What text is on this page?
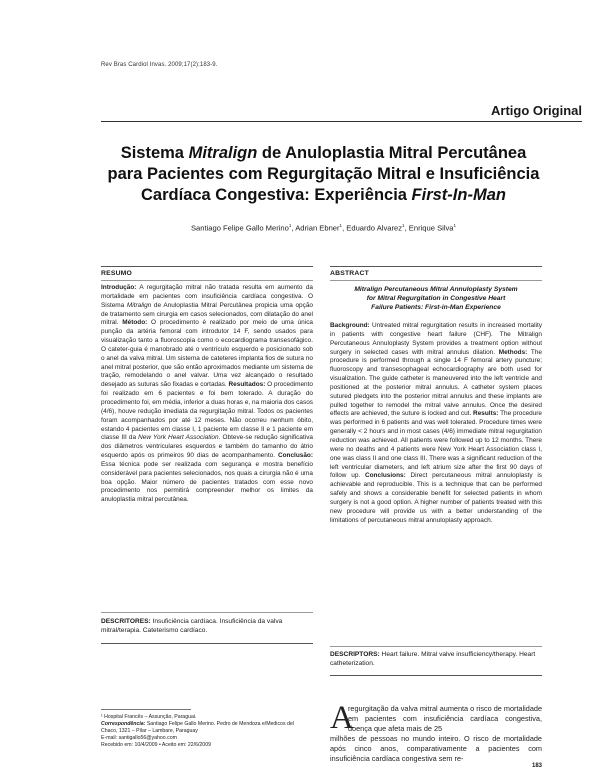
Rev Bras Cardiol Invas. 2009;17(2):183-9.
Artigo Original
Sistema Mitralign de Anuloplastia Mitral Percutânea para Pacientes com Regurgitação Mitral e Insuficiência Cardíaca Congestiva: Experiência First-In-Man
Santiago Felipe Gallo Merino$^1$, Adrian Ebner$^1$, Eduardo Alvarez$^1$, Enrique Silva$^1$
RESUMO
Introdução: A regurgitação mitral não tratada resulta em aumento da mortalidade em pacientes com insuficiência cardíaca congestiva. O Sistema Mitralign de Anuloplastia Mitral Percutânea propicia uma opção de tratamento sem cirurgia em casos selecionados, com dilatação do anel mitral. Método: O procedimento é realizado por meio de uma única punção da artéria femoral com introdutor 14 F, sendo usados para visualização tanto a fluoroscopia como o ecocardiograma transesofágico. O cateter-guia é manobrado até o ventrículo esquerdo e posicionado sob o anel da valva mitral. Um sistema de cateteres implanta fios de sutura no anel mitral posterior, que são então aproximados mediante um sistema de tração, remodelando o anel valvar. Uma vez alcançado o resultado desejado as suturas são fixadas e cortadas. Resultados: O procedimento foi realizado em 6 pacientes e foi bem tolerado. A duração do procedimento foi, em média, inferior a duas horas e, na maioria dos casos (4/6), houve redução imediata da regurgitação mitral. Todos os pacientes foram acompanhados por até 12 meses. Não ocorreu nenhum óbito, estando 4 pacientes em classe I, 1 paciente em classe II e 1 paciente em classe III da New York Heart Association. Obteve-se redução significativa dos diâmetros ventriculares esquerdos e também do tamanho do átrio esquerdo após os primeiros 90 dias de acompanhamento. Conclusão: Essa técnica pode ser realizada com segurança e mostra benefício considerável para pacientes selecionados, nos quais a cirurgia não é uma boa opção. Maior número de pacientes tratados com esse novo procedimento nos permitirá compreender melhor os limites da anuloplastia mitral percutânea.
DESCRITORES: Insuficiência cardíaca. Insuficiência da valva mitral/terapia. Cateterismo cardíaco.
ABSTRACT
Mitralign Percutaneous Mitral Annuloplasty System
for Mitral Regurgitation in Congestive Heart
Failure Patients: First-in-Man Experience
Background: Untreated mitral regurgitation results in increased mortality in patients with congestive heart failure (CHF). The Mitralign Percutaneous Annuloplasty System provides a treatment option without surgery in selected cases with mitral annulus dilation. Methods: The procedure is performed through a single 14 F femoral artery puncture; fluoroscopy and transesophageal echocardiography are both used for visualization. The guide catheter is maneuvered into the left ventricle and positioned at the posterior mitral annulus. A catheter system places sutured pledgets into the posterior mitral annulus and these implants are pulled together to remodel the mitral valve annulus. Once the desired effects are achieved, the suture is locked and cut. Results: The procedure was performed in 6 patients and was well tolerated. Procedure times were generally < 2 hours and in most cases (4/6) immediate mitral regurgitation reduction was achieved. All patients were followed up to 12 months. There were no deaths and 4 patients were New York Heart Association class I, one was class II and one class III. There was a significant reduction of the left ventricular diameters, and left atrium size after the first 90 days of follow up. Conclusions: Direct percutaneous mitral annuloplasty is achievable and reproducible. This is a technique that can be performed safely and shows a considerable benefit for selected patients in whom surgery is not a good option. A higher number of patients treated with this new procedure will provide us with a better understanding of the limitations of percutaneous mitral annuloplasty approach.
DESCRIPTORS: Heart failure. Mitral valve insufficiency/therapy. Heart catheterization.
¹ Hospital Francês – Assunção, Paraguai.
Correspondência: Santiago Felipe Gallo Merino. Pedro de Mendoza e/Medicos del Chaco, 1321 – Pilar – Lambare, Paraguay
E-mail: santigallo56@yahoo.com
Recebido em: 10/4/2009 • Aceito em: 22/6/2009
A
regurgitação da valva mitral aumenta o risco de mortalidade em pacientes com insuficiência cardíaca congestiva, doença que afeta mais de 25
milhões de pessoas no mundo inteiro. O risco de mortalidade após cinco anos, comparativamente a pacientes com insuficiência cardíaca congestiva sem re-
183
